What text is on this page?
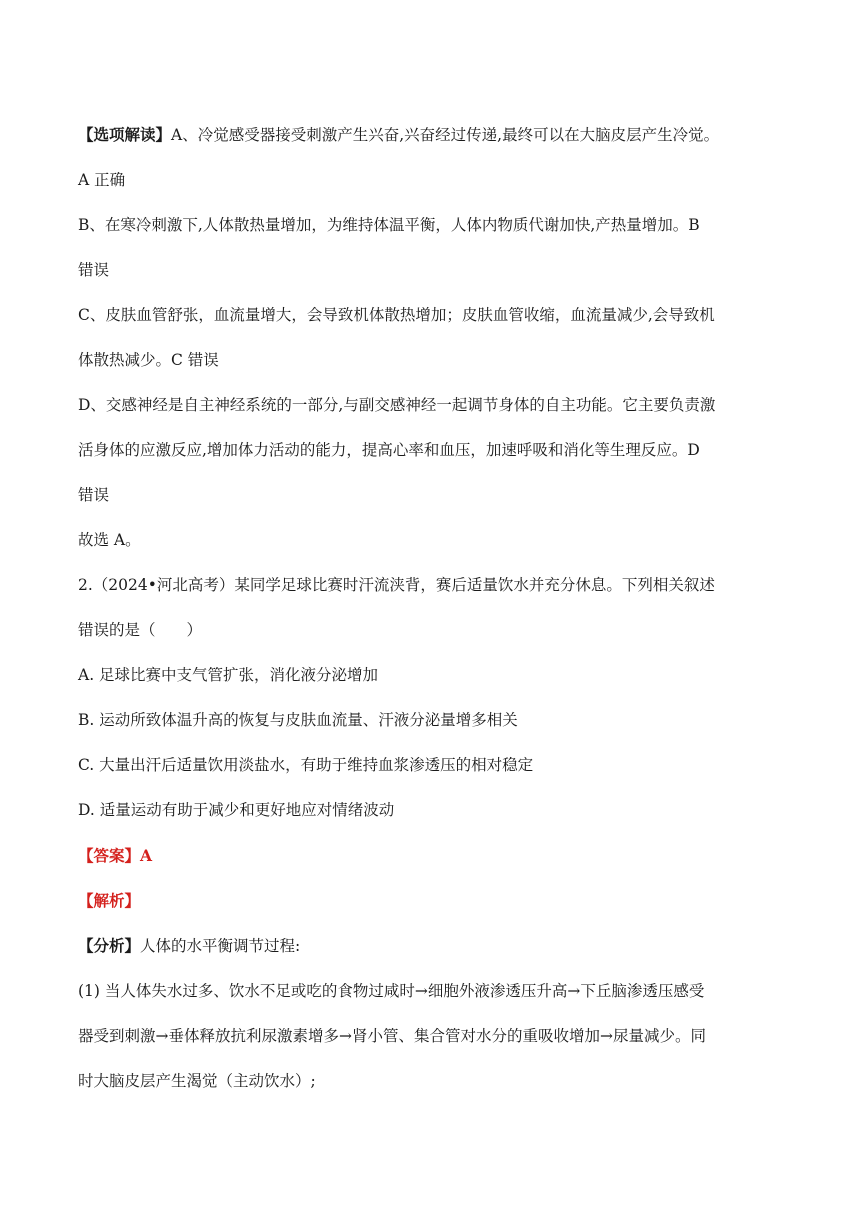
【选项解读】A、冷觉感受器接受刺激产生兴奋,兴奋经过传递,最终可以在大脑皮层产生冷觉。

A 正确

B、在寒冷刺激下,人体散热量增加，为维持体温平衡，人体内物质代谢加快,产热量增加。B

错误

C、皮肤血管舒张，血流量增大，会导致机体散热增加；皮肤血管收缩，血流量减少,会导致机

体散热减少。C 错误

D、交感神经是自主神经系统的一部分,与副交感神经一起调节身体的自主功能。它主要负责激

活身体的应激反应,增加体力活动的能力，提高心率和血压，加速呼吸和消化等生理反应。D

错误

故选 A。

2.（2024•河北高考）某同学足球比赛时汗流浃背，赛后适量饮水并充分休息。下列相关叙述

错误的是（　　）

A. 足球比赛中支气管扩张，消化液分泌增加

B. 运动所致体温升高的恢复与皮肤血流量、汗液分泌量增多相关

C. 大量出汗后适量饮用淡盐水，有助于维持血浆渗透压的相对稳定

D. 适量运动有助于减少和更好地应对情绪波动

【答案】A

【解析】

【分析】人体的水平衡调节过程:

(1) 当人体失水过多、饮水不足或吃的食物过咸时→细胞外液渗透压升高→下丘脑渗透压感受

器受到刺激→垂体释放抗利尿激素增多→肾小管、集合管对水分的重吸收增加→尿量减少。同

时大脑皮层产生渴觉（主动饮水）;
